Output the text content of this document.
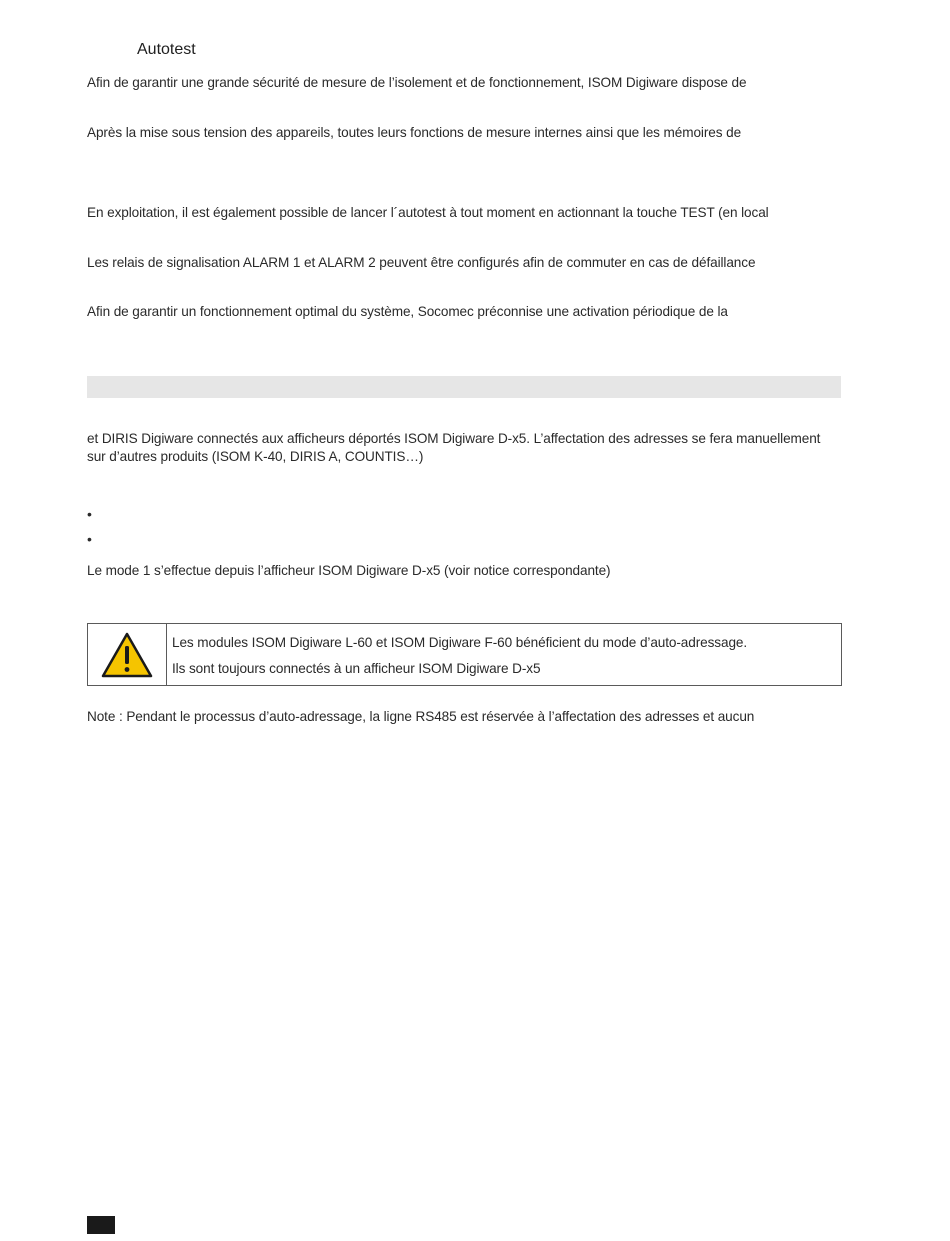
Autotest
Afin de garantir une grande sécurité de mesure de l’isolement et de fonctionnement, ISOM Digiware dispose de
Après la mise sous tension des appareils, toutes leurs fonctions de mesure internes ainsi que les mémoires de
En exploitation, il est également possible de lancer l´autotest à tout moment en actionnant la touche TEST (en local
Les relais de signalisation ALARM 1 et ALARM 2 peuvent être configurés afin de commuter en cas de défaillance
Afin de garantir un fonctionnement optimal du système, Socomec préconnise une activation périodique de la
et DIRIS Digiware connectés aux afficheurs déportés ISOM Digiware D-x5. L’affectation des adresses se fera manuellement sur d’autres produits (ISOM K-40, DIRIS A, COUNTIS…)
•
•
Le mode 1 s’effectue depuis l’afficheur ISOM Digiware D-x5 (voir notice correspondante)
Les modules ISOM Digiware L-60 et ISOM Digiware F-60 bénéficient du mode d’auto-adressage.
Ils sont toujours connectés à un afficheur ISOM Digiware D-x5
Note : Pendant le processus d’auto-adressage, la ligne RS485 est réservée à l’affectation des adresses et aucun
